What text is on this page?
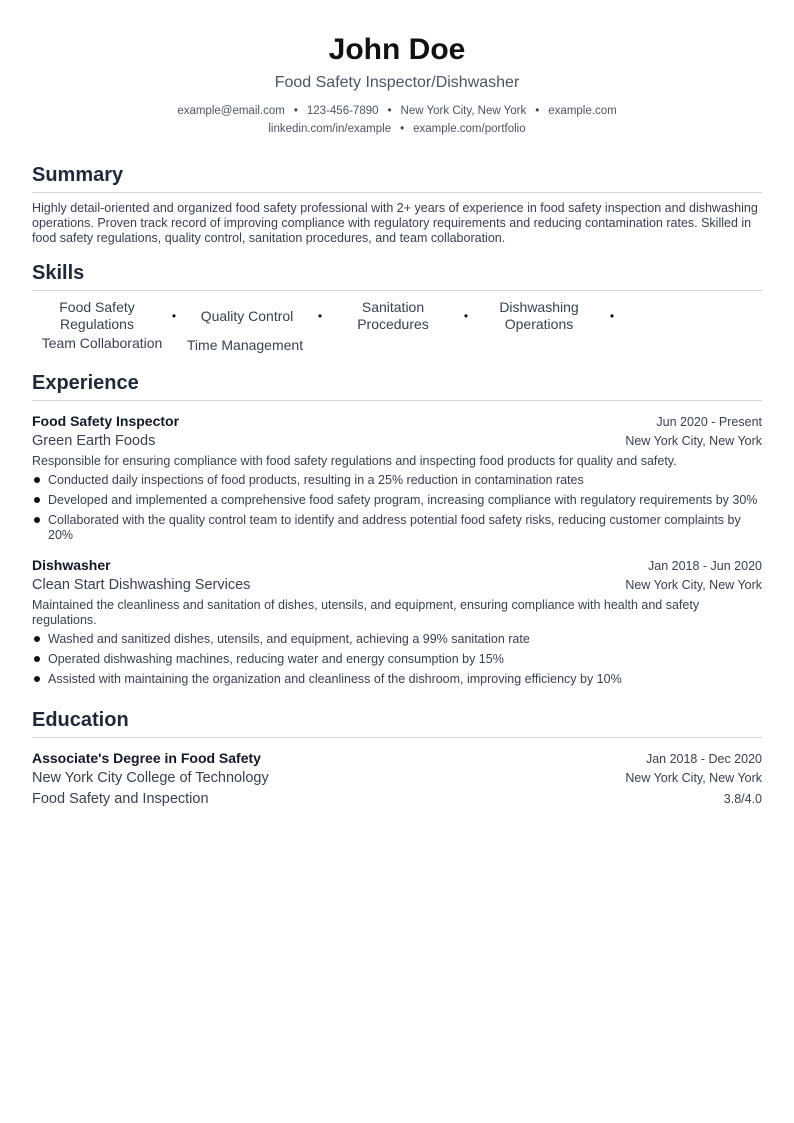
John Doe
Food Safety Inspector/Dishwasher
example@email.com • 123-456-7890 • New York City, New York • example.com
linkedin.com/in/example • example.com/portfolio
Summary
Highly detail-oriented and organized food safety professional with 2+ years of experience in food safety inspection and dishwashing operations. Proven track record of improving compliance with regulatory requirements and reducing contamination rates. Skilled in food safety regulations, quality control, sanitation procedures, and team collaboration.
Skills
Food Safety Regulations	•	Quality Control	•
Sanitation Procedures	•
Dishwashing Operations	•
Team Collaboration	Time Management
Experience
Food Safety Inspector	Jun 2020 - Present
Green Earth Foods	New York City, New York
Responsible for ensuring compliance with food safety regulations and inspecting food products for quality and safety.
Conducted daily inspections of food products, resulting in a 25% reduction in contamination rates
Developed and implemented a comprehensive food safety program, increasing compliance with regulatory requirements by 30%
Collaborated with the quality control team to identify and address potential food safety risks, reducing customer complaints by 20%
Dishwasher	Jan 2018 - Jun 2020
Clean Start Dishwashing Services	New York City, New York
Maintained the cleanliness and sanitation of dishes, utensils, and equipment, ensuring compliance with health and safety regulations.
Washed and sanitized dishes, utensils, and equipment, achieving a 99% sanitation rate
Operated dishwashing machines, reducing water and energy consumption by 15%
Assisted with maintaining the organization and cleanliness of the dishroom, improving efficiency by 10%
Education
Associate's Degree in Food Safety	Jan 2018 - Dec 2020
New York City College of Technology	New York City, New York
Food Safety and Inspection	3.8/4.0
